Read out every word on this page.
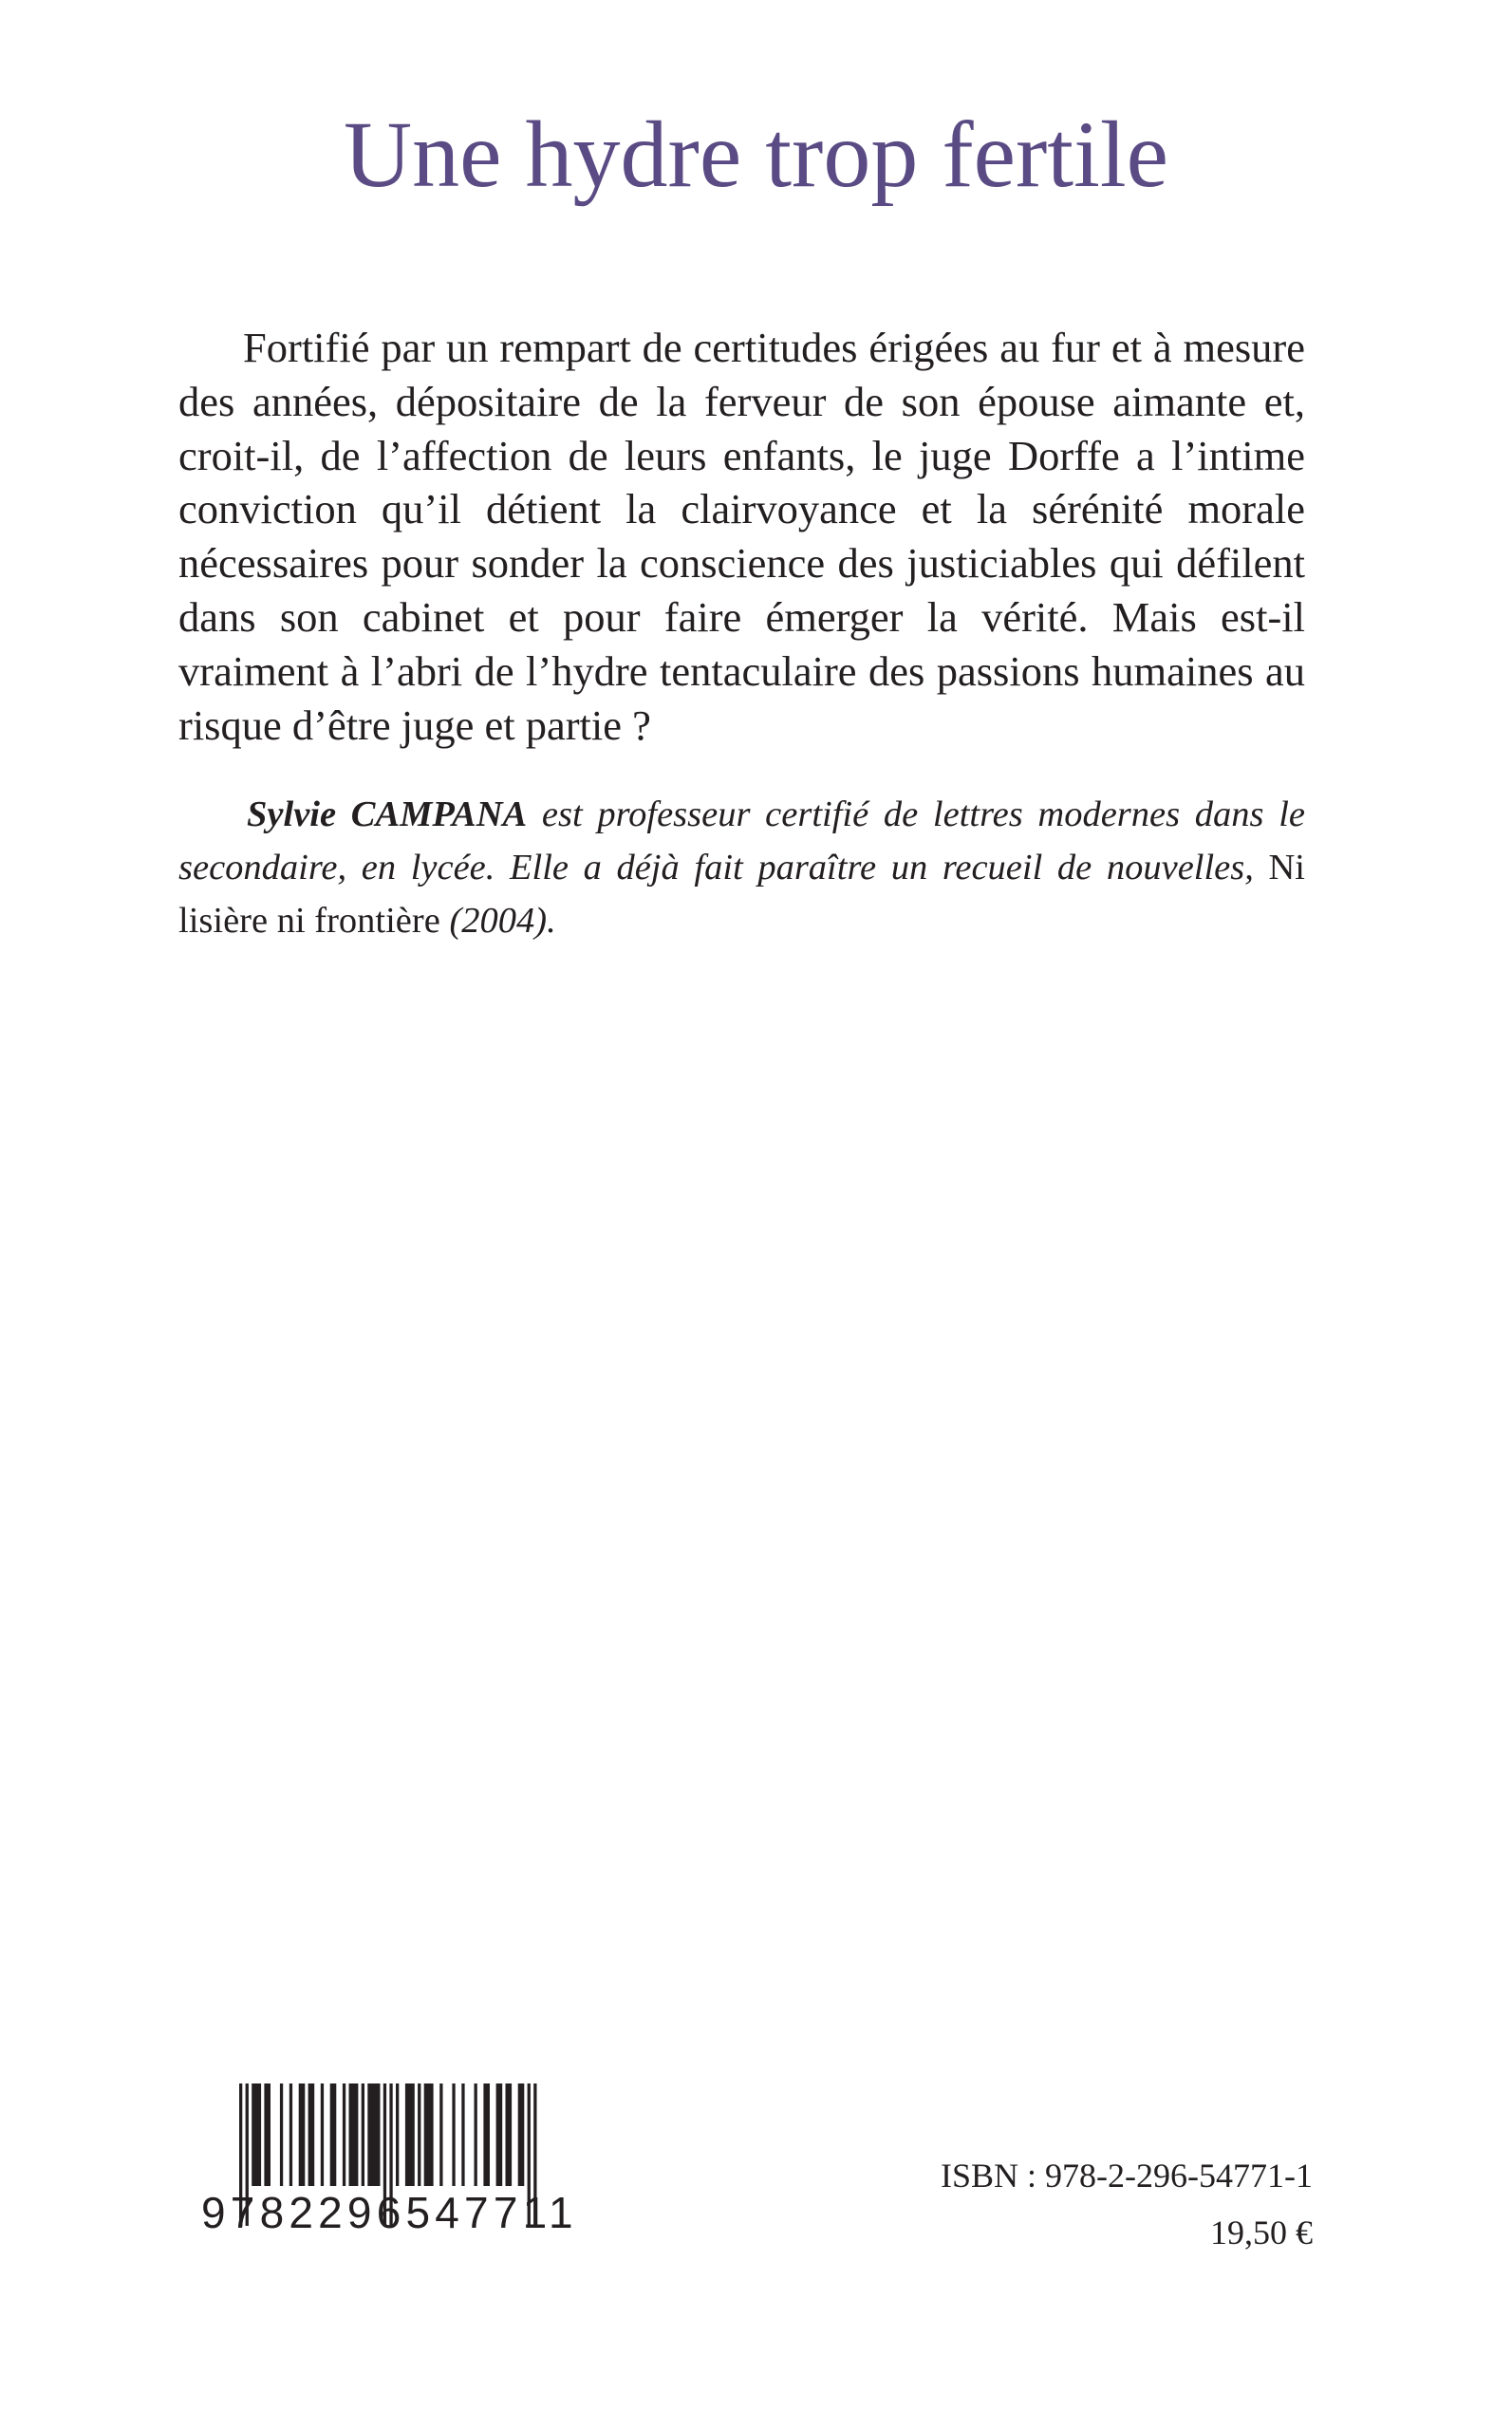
Une hydre trop fertile

Fortifié par un rempart de certitudes érigées au fur et à mesure des années, dépositaire de la ferveur de son épouse aimante et, croit-il, de l’affection de leurs enfants, le juge Dorffe a l’intime conviction qu’il détient la clairvoyance et la sérénité morale nécessaires pour sonder la conscience des justiciables qui défilent dans son cabinet et pour faire émerger la vérité. Mais est-il vraiment à l’abri de l’hydre tentaculaire des passions humaines au risque d’être juge et partie ?

Sylvie CAMPANA est professeur certifié de lettres modernes dans le secondaire, en lycée. Elle a déjà fait paraître un recueil de nouvelles, Ni lisière ni frontière (2004).

9782296547711

ISBN : 978-2-296-54771-1

19,50 €
